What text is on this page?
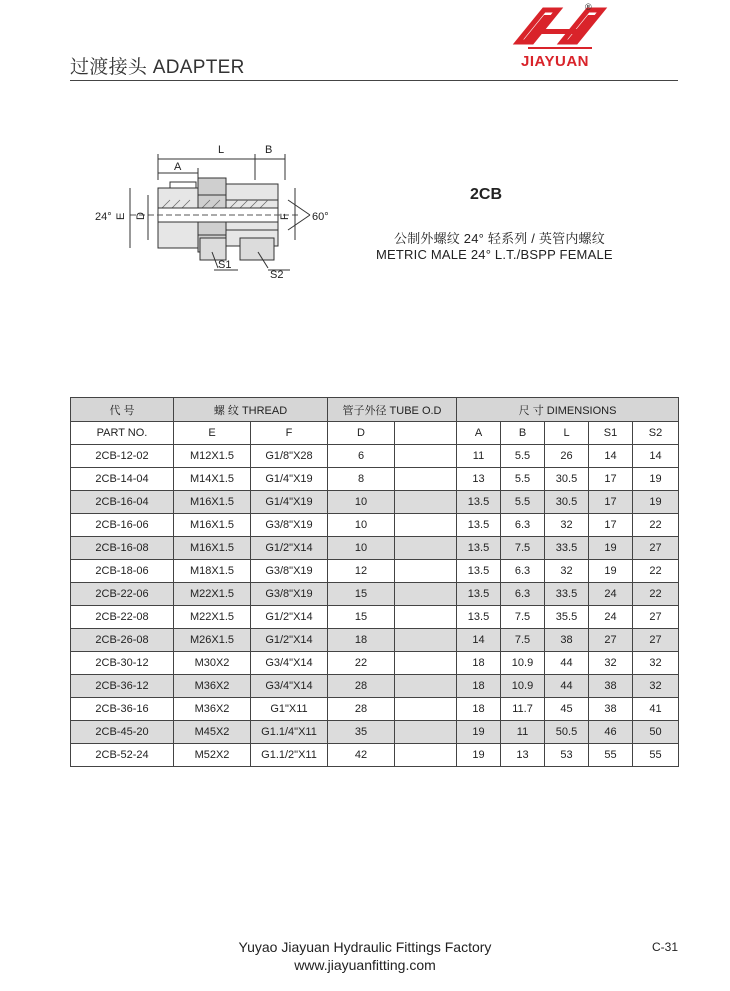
过渡接头 ADAPTER
®
JIAYUAN
L	B
A
24° E D	F 60°
S1
S2
2CB
公制外螺纹 24° 轻系列 / 英管内螺纹
METRIC MALE 24° L.T./BSPP FEMALE
代 号	螺 纹 THREAD		管子外径 TUBE O.D		尺 寸 DIMENSIONS				
PART NO.	E	F	D		A	B	L	S1	S2
2CB-12-02	M12X1.5	G1/8"X28	6		11	5.5	26	14	14
2CB-14-04	M14X1.5	G1/4"X19	8		13	5.5	30.5	17	19
2CB-16-04	M16X1.5	G1/4"X19	10		13.5	5.5	30.5	17	19
2CB-16-06	M16X1.5	G3/8"X19	10		13.5	6.3	32	17	22
2CB-16-08	M16X1.5	G1/2"X14	10		13.5	7.5	33.5	19	27
2CB-18-06	M18X1.5	G3/8"X19	12		13.5	6.3	32	19	22
2CB-22-06	M22X1.5	G3/8"X19	15		13.5	6.3	33.5	24	22
2CB-22-08	M22X1.5	G1/2"X14	15		13.5	7.5	35.5	24	27
2CB-26-08	M26X1.5	G1/2"X14	18		14	7.5	38	27	27
2CB-30-12	M30X2	G3/4"X14	22		18	10.9	44	32	32
2CB-36-12	M36X2	G3/4"X14	28		18	10.9	44	38	32
2CB-36-16	M36X2	G1"X11	28		18	11.7	45	38	41
2CB-45-20	M45X2	G1.1/4"X11	35		19	11	50.5	46	50
2CB-52-24	M52X2	G1.1/2"X11	42		19	13	53	55	55
Yuyao Jiayuan Hydraulic Fittings Factory
www.jiayuanfitting.com
C-31
